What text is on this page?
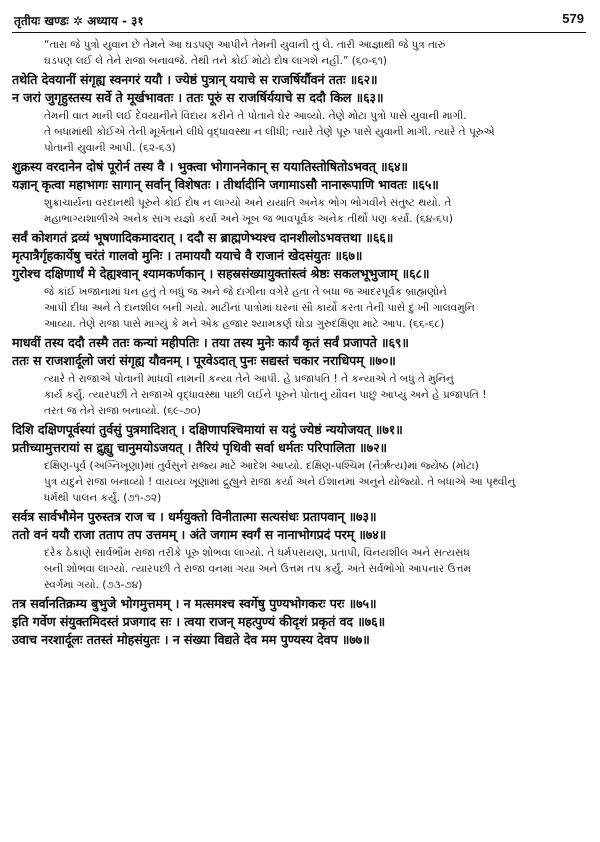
तृतीयः खण्डः ✲ अध्याय - ३१	579
“તારા જે પુત્રો યુવાન છે તેમને આ ઘડપણ આપીને તેમની યુવાની તું લે. તારી આજ્ઞાથી જે પુત્ર તારું
ઘડપણ લઈ લે તેને રાજા બનાવજે. તેથી તને કોઈ મોટો દોષ લાગશે નહીં.” (૬૦-૬૧)
तथेति देवयानीं संगृह्य स्वनगरं ययौ । ज्येष्ठं पुत्रान् ययाचे स राजर्षिर्यौवनं ततः ॥६२॥
न जरां जुगृहुस्तस्य सर्वे ते मूर्खभावतः । ततः पूरुं स राजर्षिर्ययाचे स ददौ किल ॥६३॥
તેમની વાત માની લઈ દેવયાનીને વિદાય કરીને તે પોતાને ઘેર આવ્યો. તેણે મોટા પુત્રો પાસે યુવાની માગી.
તે બધામાંથી કોઈએ તેની મૂર્ખતાને લીધે વૃદ્ધાવસ્થા ન લીધી; ત્યારે તેણે પૂરુ પાસે યુવાની માગી. ત્યારે તે પૂરુએ
પોતાની યુવાની આપી. (૬૨-૬૩)
शुक्रस्य वरदानेन दोषं पूरोर्न तस्य वै । भुक्त्वा भोगाननेकान् स ययातिस्तोषितोऽभवत् ॥६४॥
यज्ञान् कृत्वा महाभागः सागान् सर्वान् विशेषतः । तीर्थादीनि जगामाऽसौ नानारूपाणि भावतः ॥६५॥
શુક્રાચાર્યના વરદાનથી પૂરુને કોઈ દોષ ન લાગ્યો અને યયાતિ અનેક ભોગ ભોગવીને સંતુષ્ટ થયો. તે
મહાભાગ્યશાળીએ અનેક સાંગ યજ્ઞો કર્યા અને ખૂબ જ ભાવપૂર્વક અનેક તીર્થો પણ કર્યાં. (૬૪-૬૫)
सर्वं कोशगतं द्रव्यं भूषणादिकमादरात् । ददौ स ब्राह्मणेभ्यश्च दानशीलोऽभवत्तथा ॥६६॥
मृत्पात्रैर्गृहकार्येषु चरंतं गालवो मुनिः । तमाययौ ययाचे वै राजानं खेदसंयुतः ॥६७॥
गुरोश्च दक्षिणार्थं मे देह्यश्वान् श्यामकर्णकान् । सहस्रसंख्यायुक्तांस्त्वं श्रेष्ठः सकलभूभुजाम् ॥६८॥
જે કાંઈ ખજાનામાં ધન હતું તે બધું જ અને જે દાગીના વગેરે હતા તે બધા જ આદરપૂર્વક બ્રાહ્મણોને
આપી દીધા અને તે દાનશીલ બની ગયો. માટીનાં પાત્રોમાં ઘરનાં સૌ કાર્યો કરતા તેની પાસે દુઃખી ગાલવમુનિ
આવ્યા. તેણે રાજા પાસે માગ્યું કે મને એક હજાર શ્યામકર્ણ ઘોડા ગુરુદક્ષિણા માટે આપ. (૬૬-૬૮)
माधवीं तस्य ददौ तस्मै ततः कन्यां महीपतिः । तया तस्य मुनेः कार्यं कृतं सर्वं प्रजापते ॥६९॥
ततः स राजशार्दूलो जरां संगृह्य यौवनम् । पूरवेऽदात् पुनः सद्यस्तं चकार नराधिपम् ॥७०॥
ત્યારે તે રાજાએ પોતાની માધવી નામની કન્યા તેને આપી. હે પ્રજાપતિ ! તે કન્યાએ તે બધું તે મુનિનું
કાર્ય કર્યું. ત્યારપછી તે રાજાએ વૃદ્ધાવસ્થા પાછી લઈને પૂરુને પોતાનું યૌવન પાછું આપ્યું અને હે પ્રજાપતિ !
તરત જ તેને રાજા બનાવ્યો. (૬૯-૭૦)
दिशि दक्षिणपूर्वस्यां तुर्वसुं पुत्रमादिशत् । दक्षिणापश्चिमायां स यदुं ज्येष्ठं न्ययोजयत् ॥७१॥
प्रतीच्यामुत्तरायां स द्रुह्यु चानुमयोऽजयत् । तैरियं पृथिवी सर्वा धर्मतः परिपालिता ॥७२॥
દક્ષિણ-પૂર્વ (અગ્નિખૂણા)માં તુર્વસુને રાજ્ય માટે આદેશ આપ્યો. દક્ષિણ-પશ્ચિમ (નૈર્ઋત્ય)માં જ્યેષ્ઠ (મોટા)
પુત્ર યદુને રાજા બનાવ્યો ! વાયવ્ય ખૂણામાં દ્રુહ્યુને રાજા કર્યા અને ઈશાનમાં અનુને યોજ્યો. તે બધાએ આ પૃથ્વીનું
ધર્મથી પાલન કર્યું. (૭૧-૭૨)
सर्वत्र सार्वभौमेन पुरुस्तत्र राज च । धर्मयुक्तो विनीतात्मा सत्यसंधः प्रतापवान् ॥७३॥
ततो वनं ययौ राजा तताप तप उत्तमम् । अंते जगाम स्वर्गं स नानाभोगप्रदं परम् ॥७४॥
દરેક ઠેકાણે સાર્વભૌમ રાજા તરીકે પૂરુ શોભવા લાગ્યો. તે ધર્મપરાયણ, પ્રતાપી, વિનયશીલ અને સત્યસંધ
બની શોભવા લાગ્યો. ત્યારપછી તે રાજા વનમાં ગયા અને ઉત્તમ તપ કર્યું. અંતે સર્વભોગો આપનાર ઉત્તમ
સ્વર્ગમાં ગયો. (૭૩-૭૪)
तत्र सर्वानतिक्रम्य बुभुजे भोगमुत्तमम् । न मत्समश्च स्वर्गेषु पुण्यभोगकरः परः ॥७५॥
इति गर्वेण संयुक्तमिदस्तं प्रजगाद सः । त्वया राजन् महत्पुण्यं कीदृशं प्रकृतं वद ॥७६॥
उवाच नरशार्दूलः ततस्तं मोहसंयुतः । न संख्या विद्यते देव मम पुण्यस्य देवप ॥७७॥
